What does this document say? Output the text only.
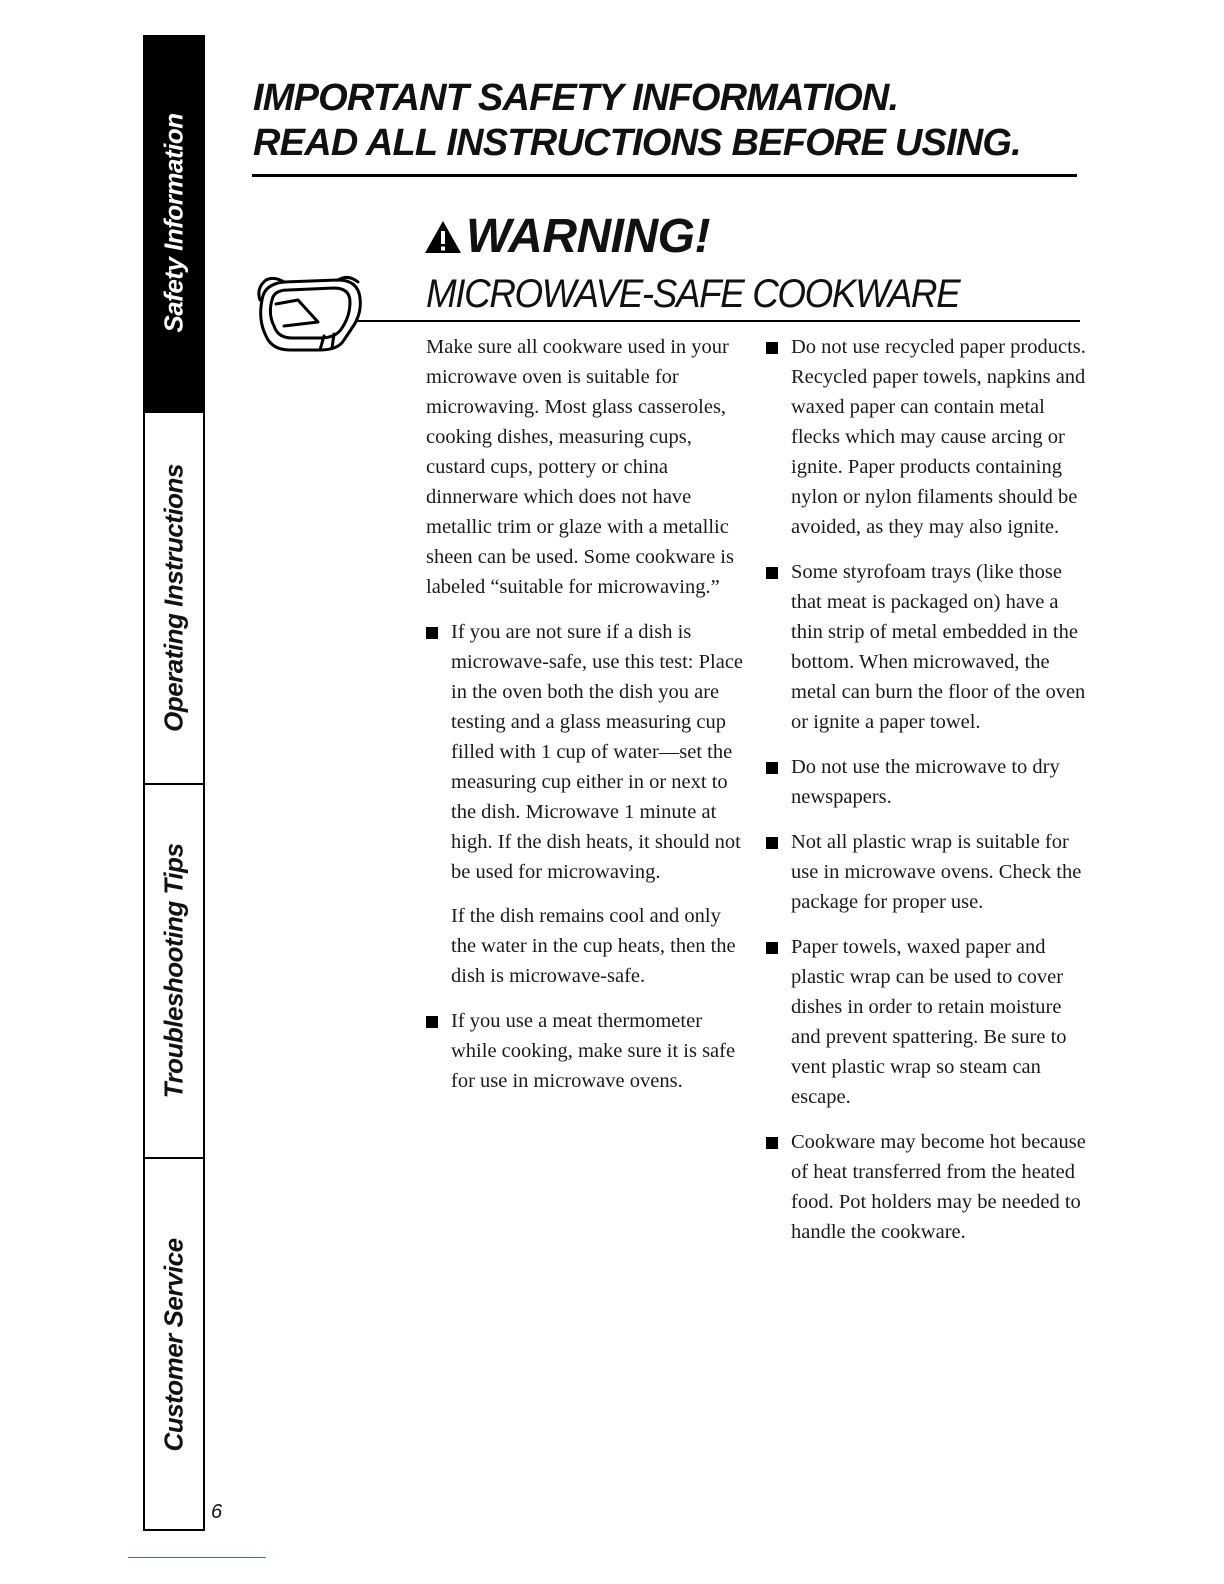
Safety Information
Operating Instructions
Troubleshooting Tips
Customer Service
6
IMPORTANT SAFETY INFORMATION.
READ ALL INSTRUCTIONS BEFORE USING.
WARNING!
MICROWAVE-SAFE COOKWARE

Make sure all cookware used in your microwave oven is suitable for microwaving. Most glass casseroles, cooking dishes, measuring cups, custard cups, pottery or china dinnerware which does not have metallic trim or glaze with a metallic sheen can be used. Some cookware is labeled “suitable for microwaving.”

If you are not sure if a dish is microwave-safe, use this test: Place in the oven both the dish you are testing and a glass measuring cup filled with 1 cup of water—set the measuring cup either in or next to the dish. Microwave 1 minute at high. If the dish heats, it should not be used for microwaving.

If the dish remains cool and only the water in the cup heats, then the dish is microwave-safe.

If you use a meat thermometer while cooking, make sure it is safe for use in microwave ovens.

Do not use recycled paper products. Recycled paper towels, napkins and waxed paper can contain metal flecks which may cause arcing or ignite. Paper products containing nylon or nylon filaments should be avoided, as they may also ignite.

Some styrofoam trays (like those that meat is packaged on) have a thin strip of metal embedded in the bottom. When microwaved, the metal can burn the floor of the oven or ignite a paper towel.

Do not use the microwave to dry newspapers.

Not all plastic wrap is suitable for use in microwave ovens. Check the package for proper use.

Paper towels, waxed paper and plastic wrap can be used to cover dishes in order to retain moisture and prevent spattering. Be sure to vent plastic wrap so steam can escape.

Cookware may become hot because of heat transferred from the heated food. Pot holders may be needed to handle the cookware.
